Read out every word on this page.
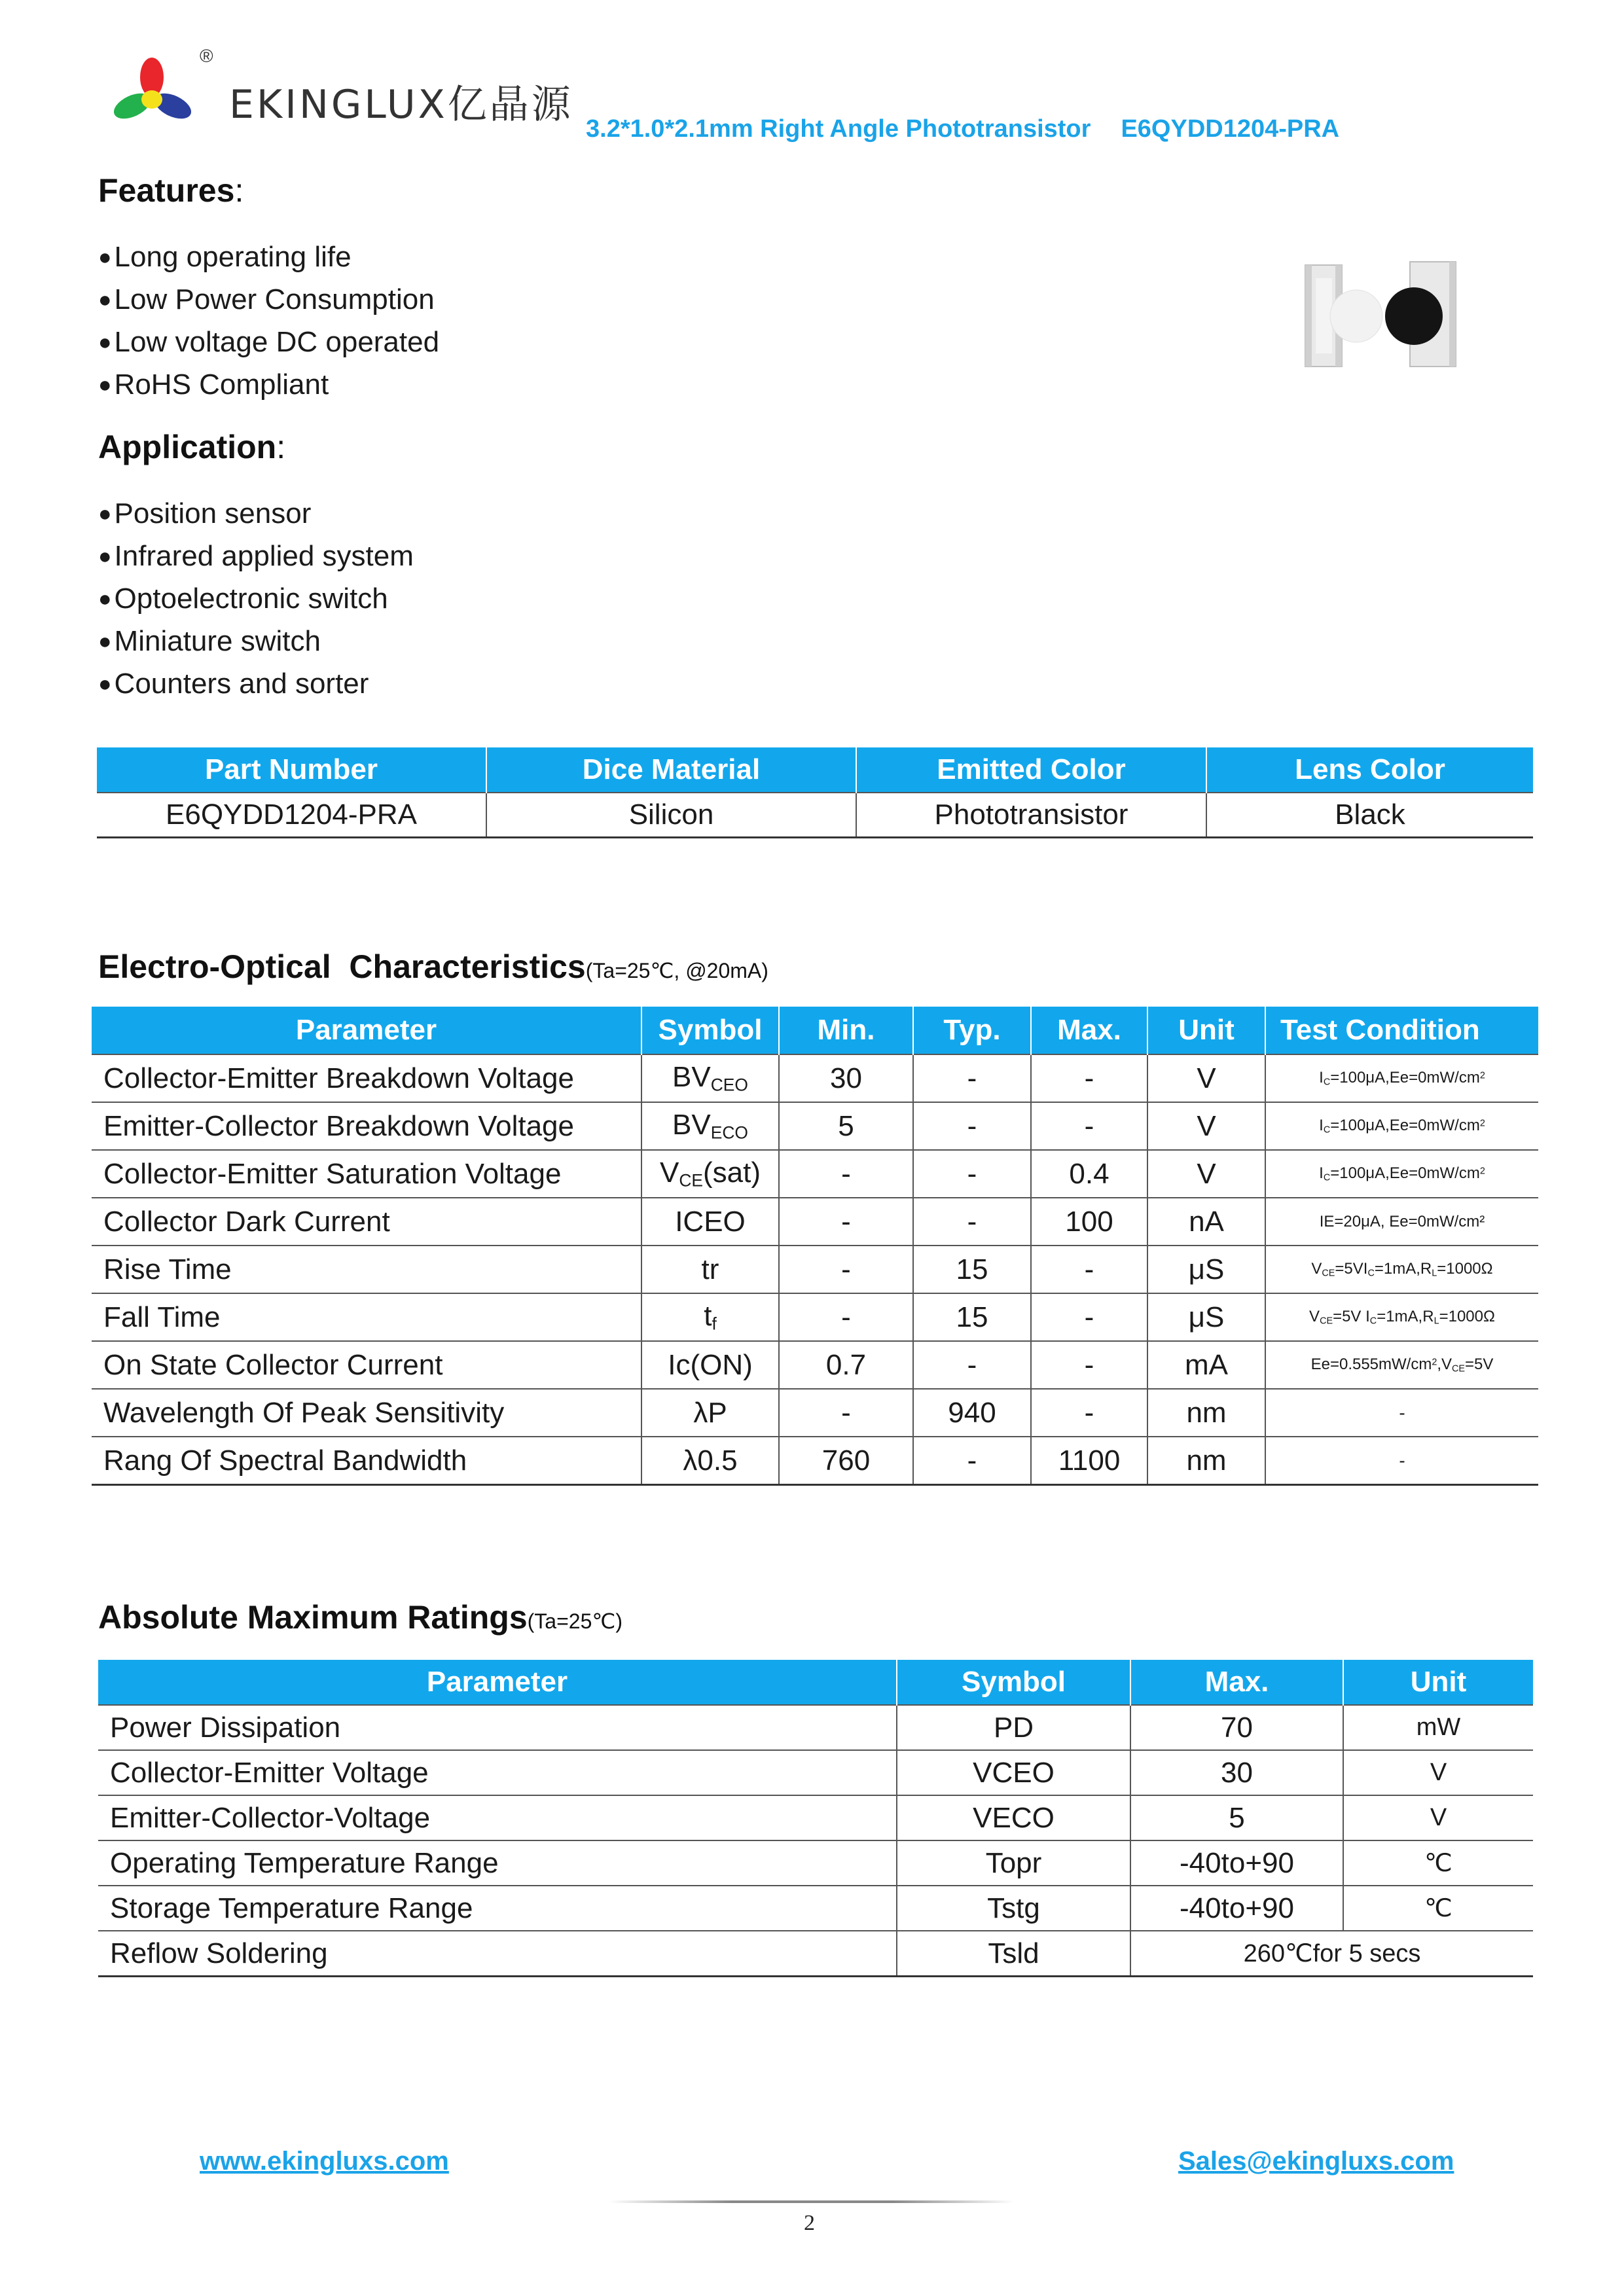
®
EKINGLUX亿晶源
3.2*1.0*2.1mm Right Angle Phototransistor E6QYDD1204-PRA
Features:
● Long operating life
● Low Power Consumption
● Low voltage DC operated
● RoHS Compliant
Application:
● Position sensor
● Infrared applied system
● Optoelectronic switch
● Miniature switch
● Counters and sorter
Part Number	Dice Material	Emitted Color	Lens Color
E6QYDD1204-PRA	Silicon	Phototransistor	Black
Electro-Optical  Characteristics(Ta=25℃, @20mA)
Parameter	Symbol	Min.	Typ.	Max.	Unit	Test Condition
Collector-Emitter Breakdown Voltage	$BV_{CEO}$	30	-	-	V	$I_C=100\mu A,Ee=0mW/cm^2$
Emitter-Collector Breakdown Voltage	$BV_{ECO}$	5	-	-	V	$I_C=100\mu A,Ee=0mW/cm^2$
Collector-Emitter Saturation Voltage	$V_{CE}(sat)$	-	-	0.4	V	$I_C=100\mu A,Ee=0mW/cm^2$
Collector Dark Current	ICEO	-	-	100	nA	IE=20μA, Ee=0mW/cm²
Rise Time	tr	-	15	-	μS	$V_{CE}=5VI_C=1mA,R_L=1000\Omega$
Fall Time	$t_f$	-	15	-	μS	$V_{CE}=5V$ $I_C=1mA,R_L=1000\Omega$
On State Collector Current	Ic(ON)	0.7	-	-	mA	$Ee=0.555mW/cm^2,V_{CE}=5V$
Wavelength Of Peak Sensitivity	λP	-	940	-	nm	-
Rang Of Spectral Bandwidth	λ0.5	760	-	1100	nm	-
Absolute Maximum Ratings(Ta=25℃)
Parameter	Symbol	Max.	Unit
Power Dissipation	PD	70	mW
Collector-Emitter Voltage	VCEO	30	V
Emitter-Collector-Voltage	VECO	5	V
Operating Temperature Range	Topr	-40to+90	℃
Storage Temperature Range	Tstg	-40to+90	℃
Reflow Soldering	Tsld	260℃for 5 secs	
www.ekingluxs.com	Sales@ekingluxs.com
2
